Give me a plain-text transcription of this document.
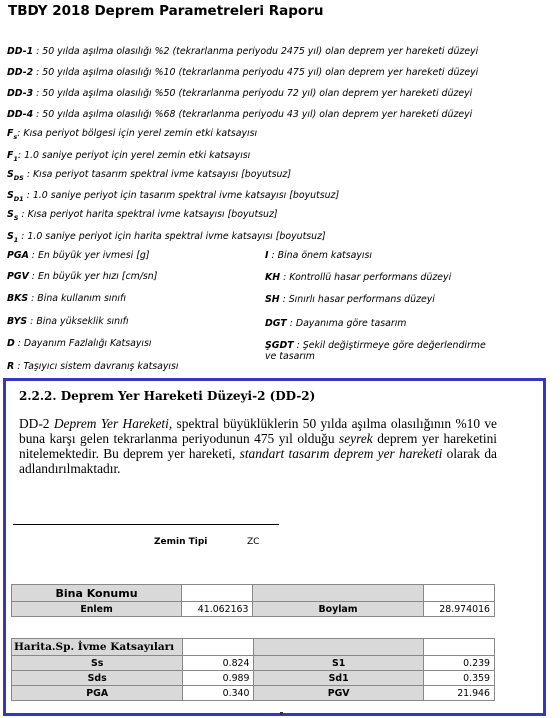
TBDY 2018 Deprem Parametreleri Raporu
DD-1 : 50 yılda aşılma olasılığı %2 (tekrarlanma periyodu 2475 yıl) olan deprem yer hareketi düzeyi
DD-2 : 50 yılda aşılma olasılığı %10 (tekrarlanma periyodu 475 yıl) olan deprem yer hareketi düzeyi
DD-3 : 50 yılda aşılma olasılığı %50 (tekrarlanma periyodu 72 yıl) olan deprem yer hareketi düzeyi
DD-4 : 50 yılda aşılma olasılığı %68 (tekrarlanma periyodu 43 yıl) olan deprem yer hareketi düzeyi
$F_s$: Kısa periyot bölgesi için yerel zemin etki katsayısı
$F_1$: 1.0 saniye periyot için yerel zemin etki katsayısı
$S_{DS}$ : Kısa periyot tasarım spektral ivme katsayısı [boyutsuz]
$S_{D1}$ : 1.0 saniye periyot için tasarım spektral ivme katsayısı [boyutsuz]
$S_S$ : Kısa periyot harita spektral ivme katsayısı [boyutsuz]
$S_1$ : 1.0 saniye periyot için harita spektral ivme katsayısı [boyutsuz]
PGA : En büyük yer ivmesi [g]
PGV : En büyük yer hızı [cm/sn]
BKS : Bina kullanım sınıfı
BYS : Bina yükseklik sınıfı
D : Dayanım Fazlalığı Katsayısı
R : Taşıyıcı sistem davranış katsayısı
I : Bina önem katsayısı
KH : Kontrollü hasar performans düzeyi
SH : Sınırlı hasar performans düzeyi
DGT : Dayanıma göre tasarım
ŞGDT : Şekil değiştirmeye göre değerlendirme
ve tasarım
2.2.2. Deprem Yer Hareketi Düzeyi-2 (DD-2)
DD-2 Deprem Yer Hareketi, spektral büyüklüklerin 50 yılda aşılma olasılığının %10 ve buna karşı gelen tekrarlanma periyodunun 475 yıl olduğu seyrek deprem yer hareketini nitelemektedir. Bu deprem yer hareketi, standart tasarım deprem yer hareketi olarak da adlandırılmaktadır.
Zemin Tipi	ZC
Bina Konumu			
Enlem	41.062163	Boylam	28.974016
Harita.Sp. İvme Katsayıları			
Ss	0.824	S1	0.239
Sds	0.989	Sd1	0.359
PGA	0.340	PGV	21.946
